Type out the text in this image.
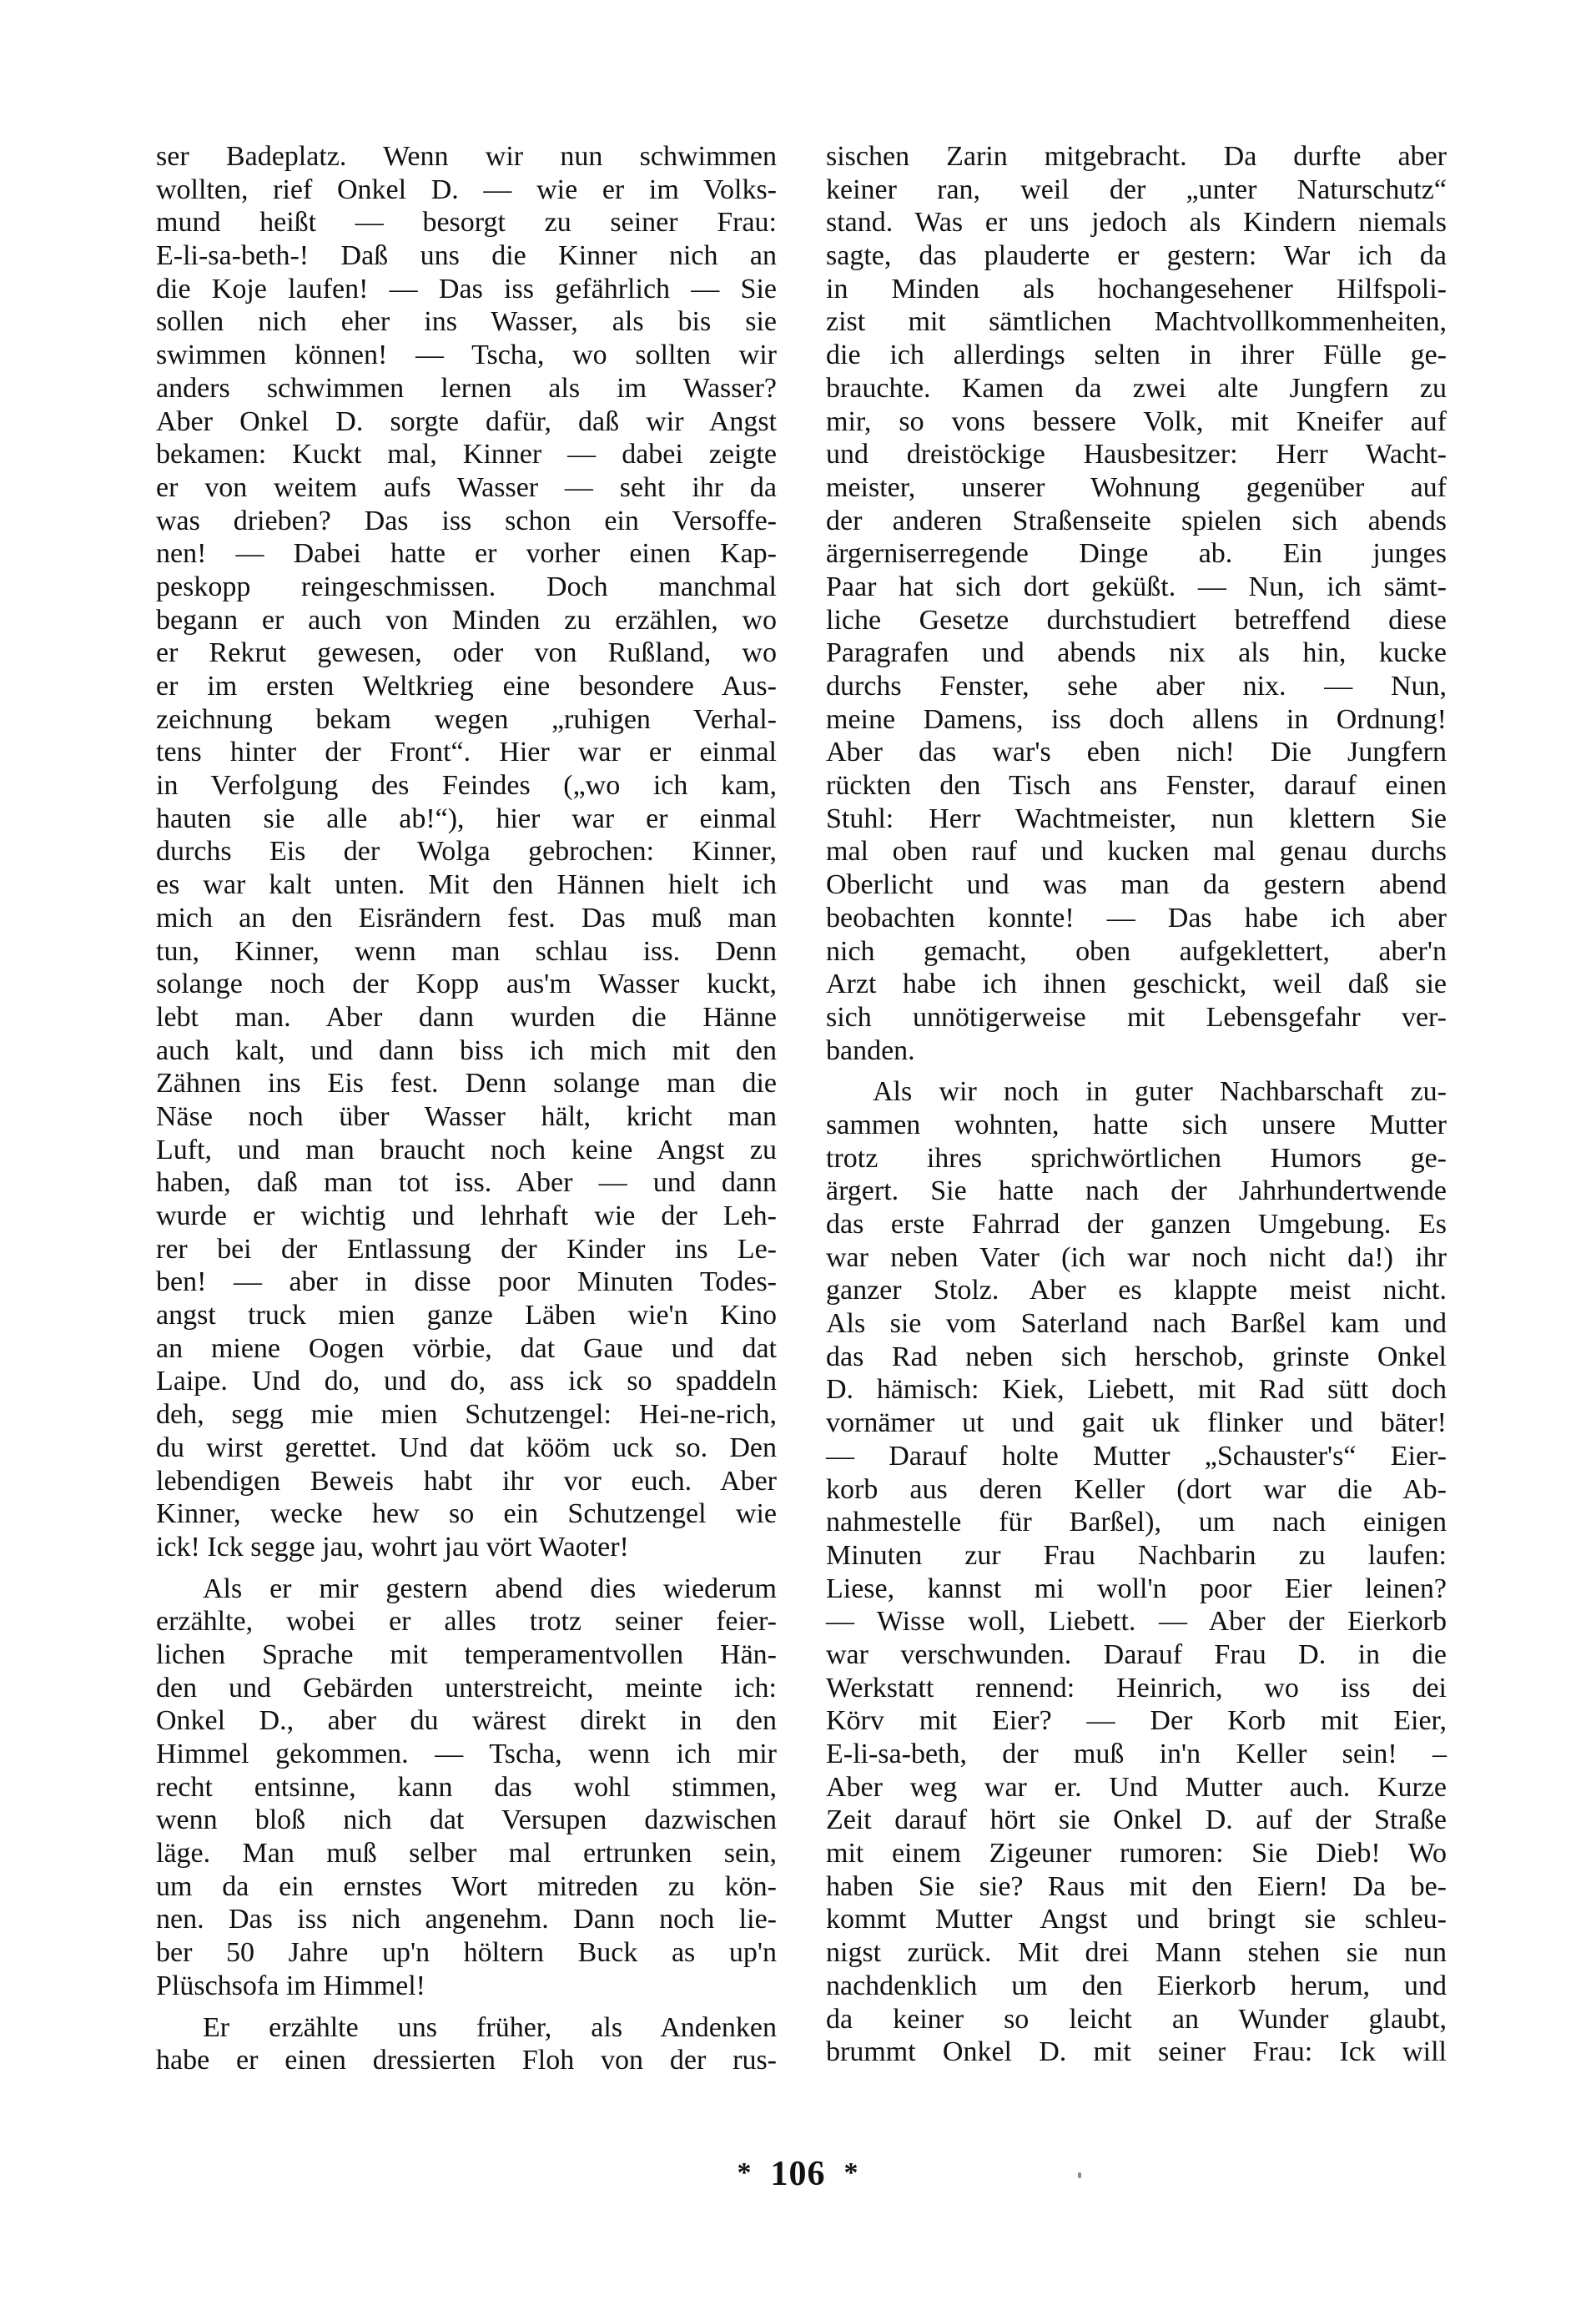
ser Badeplatz. Wenn wir nun schwimmen
wollten, rief Onkel D. — wie er im Volks-
mund heißt — besorgt zu seiner Frau:
E-li-sa-beth-! Daß uns die Kinner nich an
die Koje laufen! — Das iss gefährlich — Sie
sollen nich eher ins Wasser, als bis sie
swimmen können! — Tscha, wo sollten wir
anders schwimmen lernen als im Wasser?
Aber Onkel D. sorgte dafür, daß wir Angst
bekamen: Kuckt mal, Kinner — dabei zeigte
er von weitem aufs Wasser — seht ihr da
was drieben? Das iss schon ein Versoffe-
nen! — Dabei hatte er vorher einen Kap-
peskopp reingeschmissen. Doch manchmal
begann er auch von Minden zu erzählen, wo
er Rekrut gewesen, oder von Rußland, wo
er im ersten Weltkrieg eine besondere Aus-
zeichnung bekam wegen „ruhigen Verhal-
tens hinter der Front“. Hier war er einmal
in Verfolgung des Feindes („wo ich kam,
hauten sie alle ab!“), hier war er einmal
durchs Eis der Wolga gebrochen: Kinner,
es war kalt unten. Mit den Hännen hielt ich
mich an den Eisrändern fest. Das muß man
tun, Kinner, wenn man schlau iss. Denn
solange noch der Kopp aus'm Wasser kuckt,
lebt man. Aber dann wurden die Hänne
auch kalt, und dann biss ich mich mit den
Zähnen ins Eis fest. Denn solange man die
Näse noch über Wasser hält, kricht man
Luft, und man braucht noch keine Angst zu
haben, daß man tot iss. Aber — und dann
wurde er wichtig und lehrhaft wie der Leh-
rer bei der Entlassung der Kinder ins Le-
ben! — aber in disse poor Minuten Todes-
angst truck mien ganze Läben wie'n Kino
an miene Oogen vörbie, dat Gaue und dat
Laipe. Und do, und do, ass ick so spaddeln
deh, segg mie mien Schutzengel: Hei-ne-rich,
du wirst gerettet. Und dat kööm uck so. Den
lebendigen Beweis habt ihr vor euch. Aber
Kinner, wecke hew so ein Schutzengel wie
ick! Ick segge jau, wohrt jau vört Waoter!
Als er mir gestern abend dies wiederum
erzählte, wobei er alles trotz seiner feier-
lichen Sprache mit temperamentvollen Hän-
den und Gebärden unterstreicht, meinte ich:
Onkel D., aber du wärest direkt in den
Himmel gekommen. — Tscha, wenn ich mir
recht entsinne, kann das wohl stimmen,
wenn bloß nich dat Versupen dazwischen
läge. Man muß selber mal ertrunken sein,
um da ein ernstes Wort mitreden zu kön-
nen. Das iss nich angenehm. Dann noch lie-
ber 50 Jahre up'n höltern Buck as up'n
Plüschsofa im Himmel!
Er erzählte uns früher, als Andenken
habe er einen dressierten Floh von der rus-
sischen Zarin mitgebracht. Da durfte aber
keiner ran, weil der „unter Naturschutz“
stand. Was er uns jedoch als Kindern niemals
sagte, das plauderte er gestern: War ich da
in Minden als hochangesehener Hilfspoli-
zist mit sämtlichen Machtvollkommenheiten,
die ich allerdings selten in ihrer Fülle ge-
brauchte. Kamen da zwei alte Jungfern zu
mir, so vons bessere Volk, mit Kneifer auf
und dreistöckige Hausbesitzer: Herr Wacht-
meister, unserer Wohnung gegenüber auf
der anderen Straßenseite spielen sich abends
ärgerniserregende Dinge ab. Ein junges
Paar hat sich dort geküßt. — Nun, ich sämt-
liche Gesetze durchstudiert betreffend diese
Paragrafen und abends nix als hin, kucke
durchs Fenster, sehe aber nix. — Nun,
meine Damens, iss doch allens in Ordnung!
Aber das war's eben nich! Die Jungfern
rückten den Tisch ans Fenster, darauf einen
Stuhl: Herr Wachtmeister, nun klettern Sie
mal oben rauf und kucken mal genau durchs
Oberlicht und was man da gestern abend
beobachten konnte! — Das habe ich aber
nich gemacht, oben aufgeklettert, aber'n
Arzt habe ich ihnen geschickt, weil daß sie
sich unnötigerweise mit Lebensgefahr ver-
banden.
Als wir noch in guter Nachbarschaft zu-
sammen wohnten, hatte sich unsere Mutter
trotz ihres sprichwörtlichen Humors ge-
ärgert. Sie hatte nach der Jahrhundertwende
das erste Fahrrad der ganzen Umgebung. Es
war neben Vater (ich war noch nicht da!) ihr
ganzer Stolz. Aber es klappte meist nicht.
Als sie vom Saterland nach Barßel kam und
das Rad neben sich herschob, grinste Onkel
D. hämisch: Kiek, Liebett, mit Rad sütt doch
vornämer ut und gait uk flinker und bäter!
— Darauf holte Mutter „Schauster's“ Eier-
korb aus deren Keller (dort war die Ab-
nahmestelle für Barßel), um nach einigen
Minuten zur Frau Nachbarin zu laufen:
Liese, kannst mi woll'n poor Eier leinen?
— Wisse woll, Liebett. — Aber der Eierkorb
war verschwunden. Darauf Frau D. in die
Werkstatt rennend: Heinrich, wo iss dei
Körv mit Eier? — Der Korb mit Eier,
E-li-sa-beth, der muß in'n Keller sein! –
Aber weg war er. Und Mutter auch. Kurze
Zeit darauf hört sie Onkel D. auf der Straße
mit einem Zigeuner rumoren: Sie Dieb! Wo
haben Sie sie? Raus mit den Eiern! Da be-
kommt Mutter Angst und bringt sie schleu-
nigst zurück. Mit drei Mann stehen sie nun
nachdenklich um den Eierkorb herum, und
da keiner so leicht an Wunder glaubt,
brummt Onkel D. mit seiner Frau: Ick will
* 106 *
